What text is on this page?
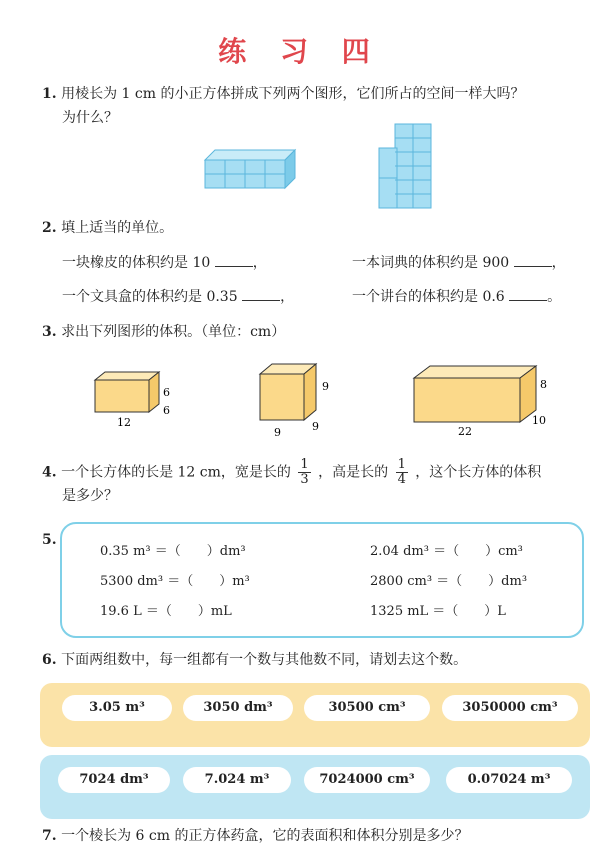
练 习 四
1. 用棱长为 1 cm 的小正方体拼成下列两个图形，它们所占的空间一样大吗？
为什么？
2. 填上适当的单位。
一块橡皮的体积约是 10	，	一本词典的体积约是 900	，
一个文具盒的体积约是 0.35	，	一个讲台的体积约是 0.6	。
3. 求出下列图形的体积。（单位：cm）
12
6
6
9	9
9
22
10
8
4. 一个长方体的长是 12 cm，宽是长的 $\frac{1}{3}$ ，高是长的 $\frac{1}{4}$ ，这个长方体的体积
是多少？
5.
0.35 m³ ＝（　　）dm³	2.04 dm³ ＝（　　）cm³
5300 dm³ ＝（　　）m³	2800 cm³ ＝（　　）dm³
19.6 L ＝（　　）mL	1325 mL ＝（　　）L
6. 下面两组数中，每一组都有一个数与其他数不同，请划去这个数。
3.05 m³	3050 dm³	30500 cm³	3050000 cm³
7024 dm³	7.024 m³	7024000 cm³	0.07024 m³
7. 一个棱长为 6 cm 的正方体药盒，它的表面积和体积分别是多少？
